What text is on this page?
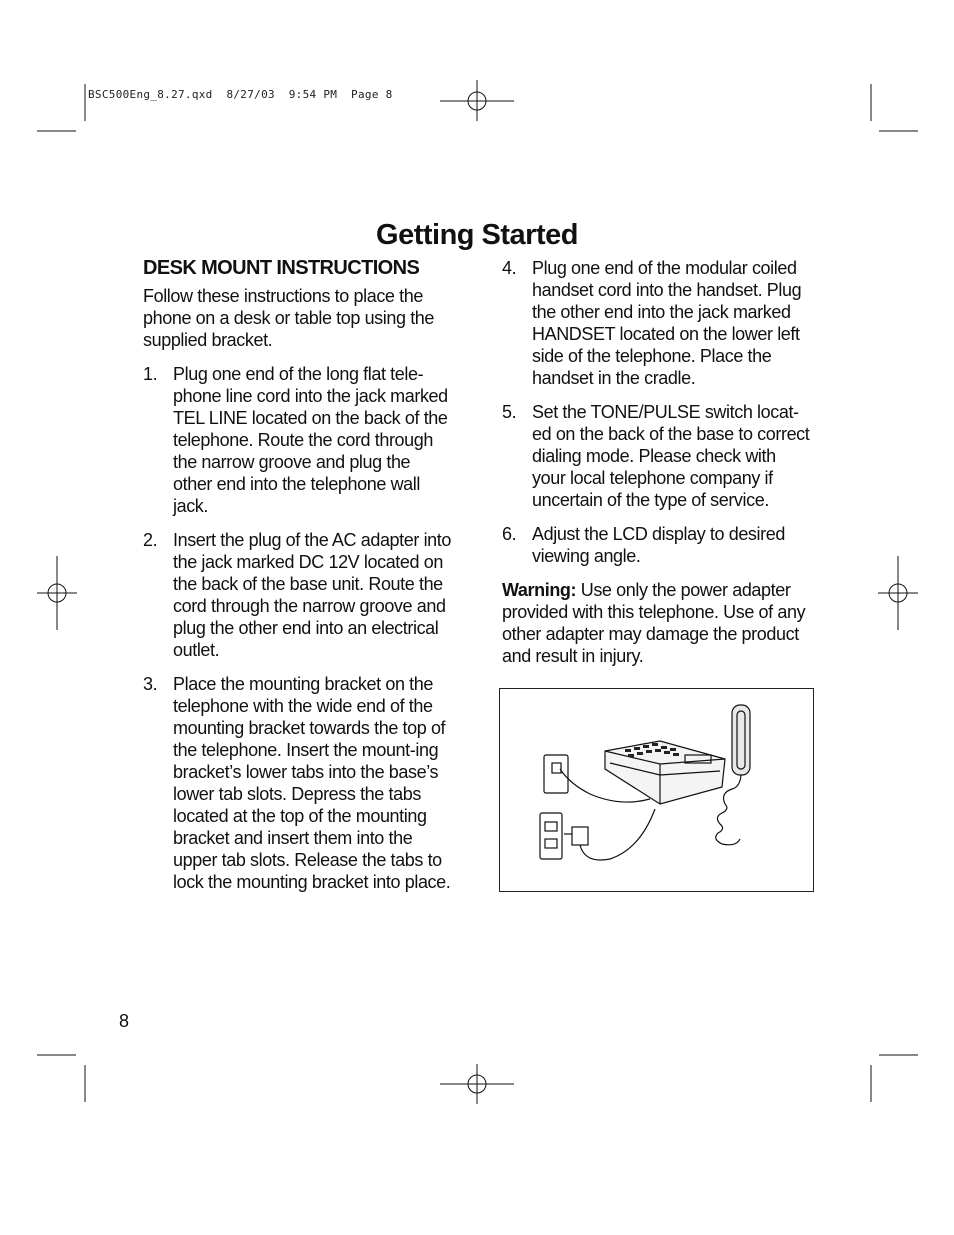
BSC500Eng_8.27.qxd  8/27/03  9:54 PM  Page 8
Getting Started
DESK MOUNT INSTRUCTIONS

Follow these instructions to place the phone on a desk or table top using the supplied bracket.

1. Plug one end of the long flat tele-phone line cord into the jack marked TEL LINE located on the back of the telephone. Route the cord through the narrow groove and plug the other end into the telephone wall jack.
2. Insert the plug of the AC adapter into the jack marked DC 12V located on the back of the base unit. Route the cord through the narrow groove and plug the other end into an electrical outlet.
3. Place the mounting bracket on the telephone with the wide end of the mounting bracket towards the top of the telephone. Insert the mount-ing bracket’s lower tabs into the base’s lower tab slots. Depress the tabs located at the top of the mounting bracket and insert them into the upper tab slots. Release the tabs to lock the mounting bracket into place.
4. Plug one end of the modular coiled handset cord into the handset. Plug the other end into the jack marked HANDSET located on the lower left side of the telephone. Place the handset in the cradle.
5. Set the TONE/PULSE switch locat-ed on the back of the base to correct dialing mode. Please check with your local telephone company if uncertain of the type of service.
6. Adjust the LCD display to desired viewing angle.

Warning: Use only the power adapter provided with this telephone. Use of any other adapter may damage the product and result in injury.

8
